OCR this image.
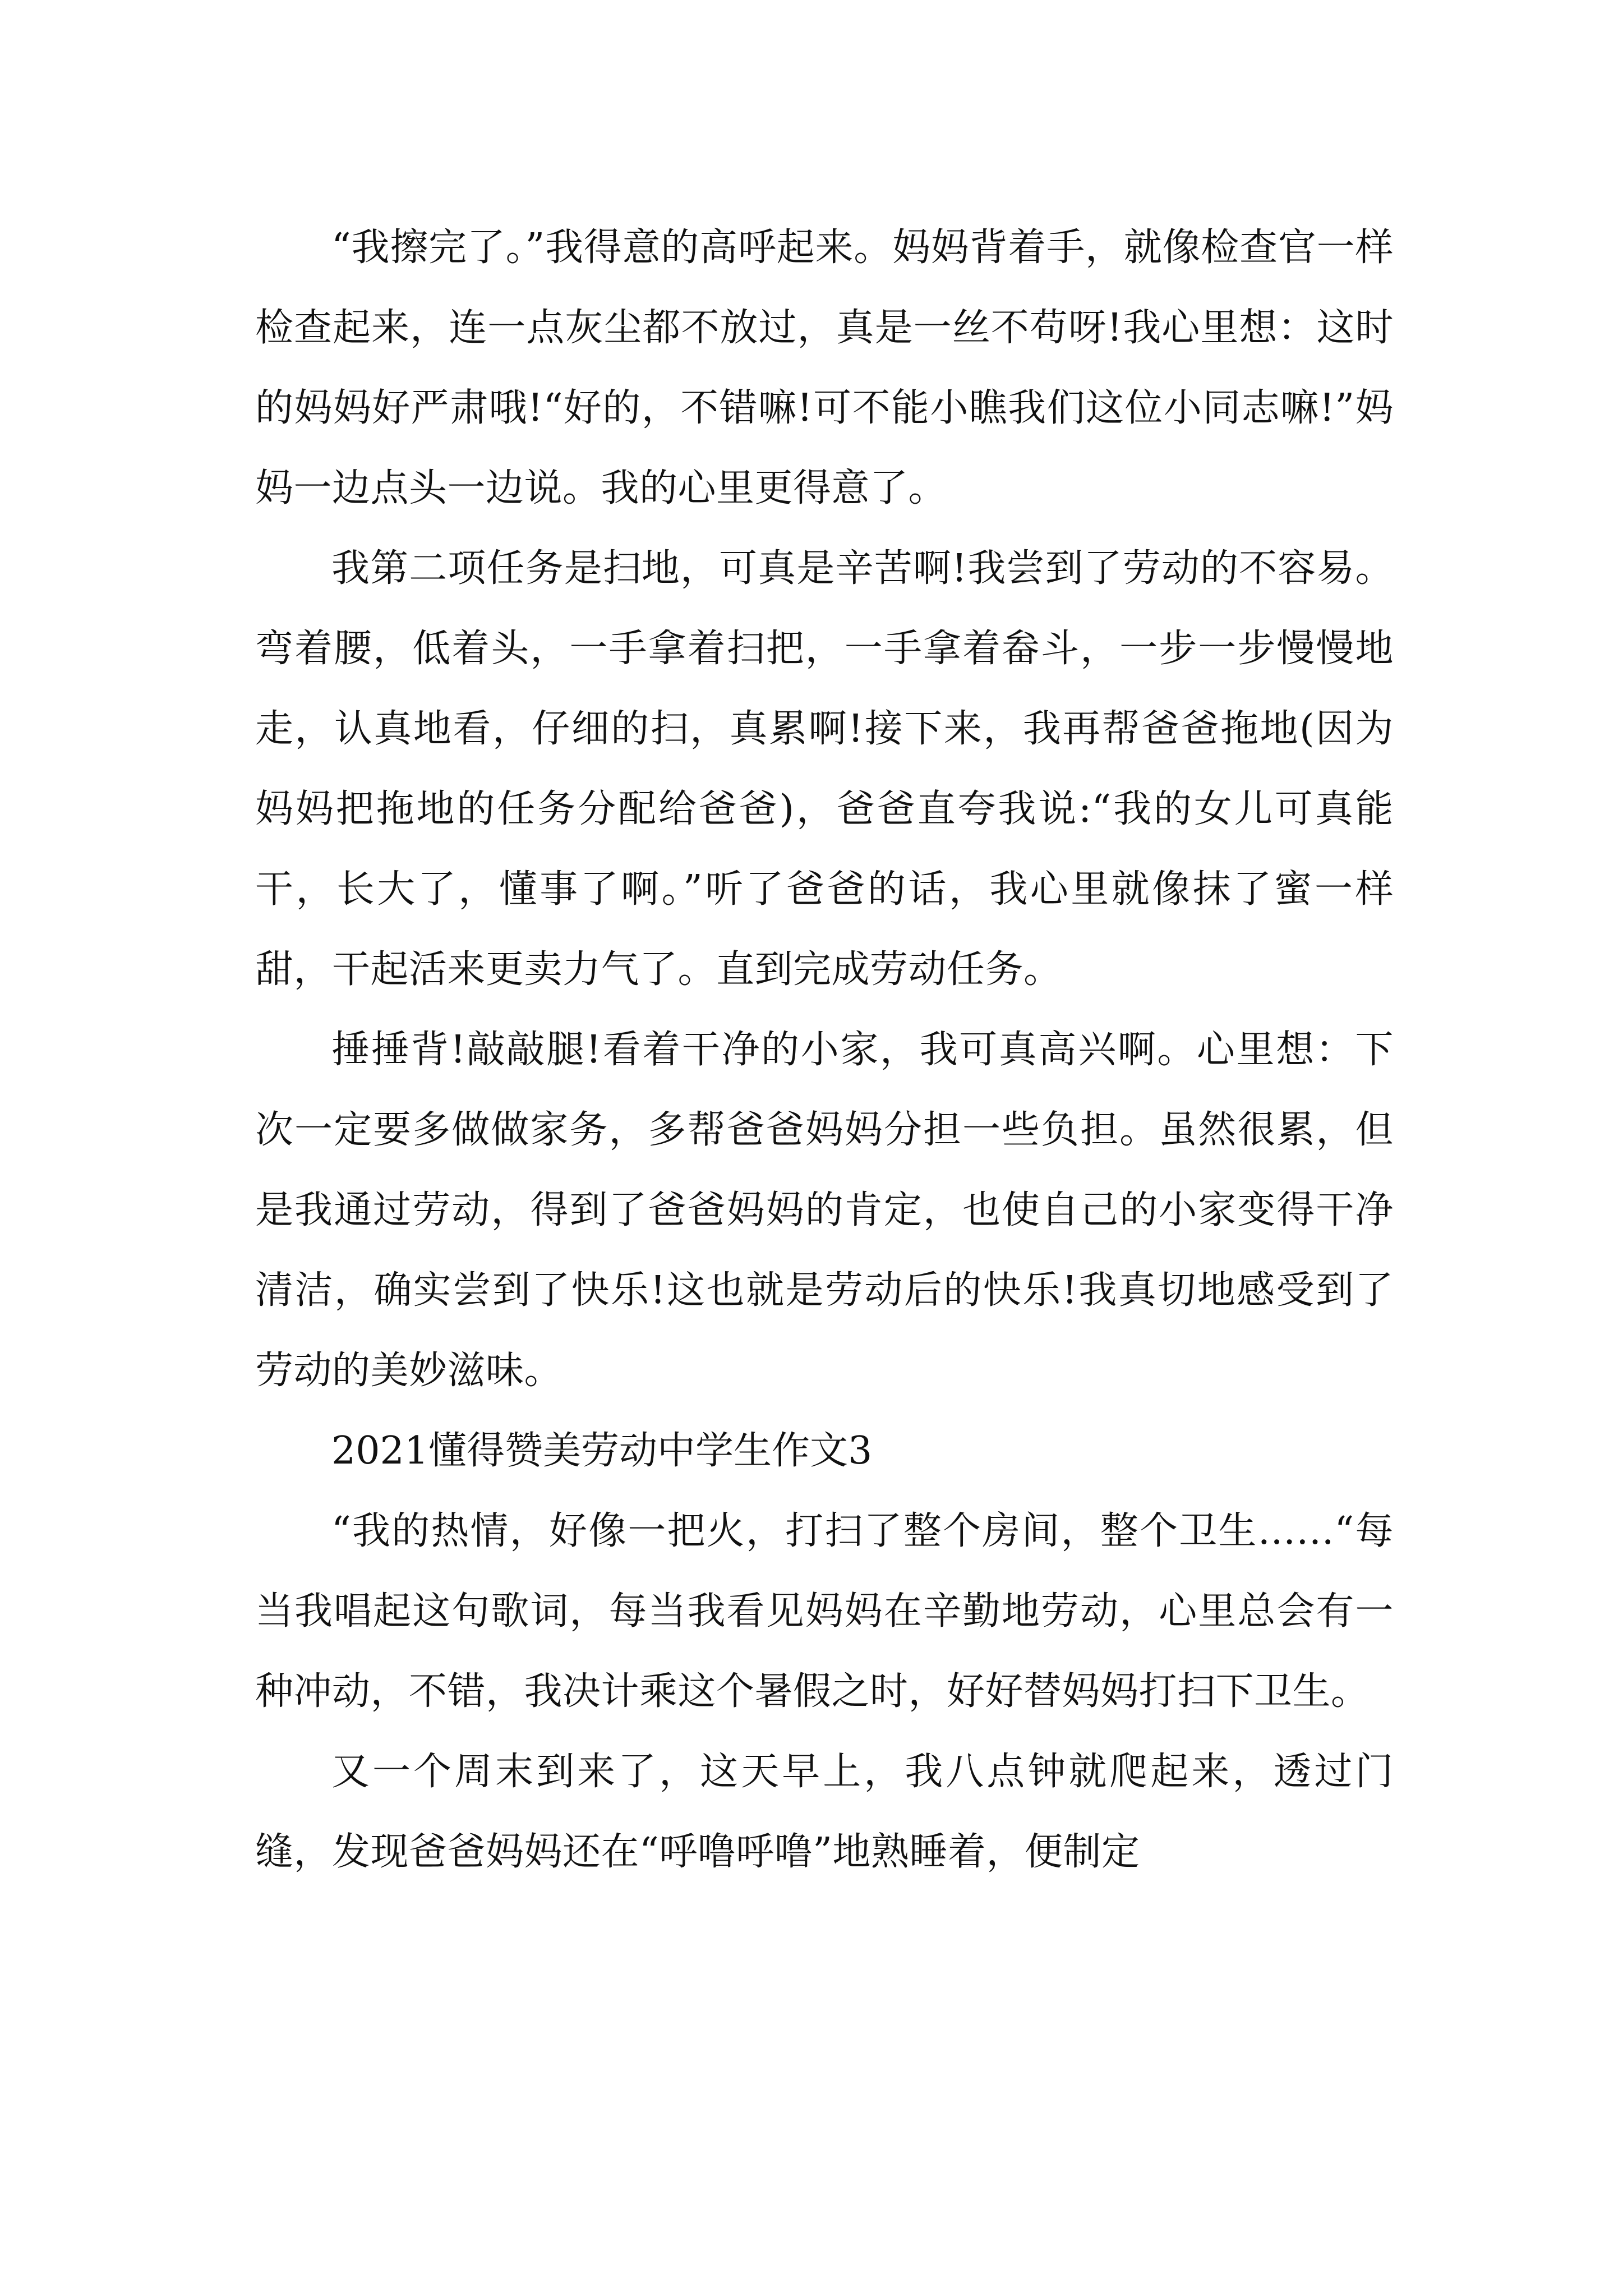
“我擦完了。”我得意的高呼起来。妈妈背着手，就像检查官一样检查起来，连一点灰尘都不放过，真是一丝不苟呀!我心里想：这时的妈妈好严肃哦!“好的，不错嘛!可不能小瞧我们这位小同志嘛!”妈妈一边点头一边说。我的心里更得意了。

我第二项任务是扫地，可真是辛苦啊!我尝到了劳动的不容易。弯着腰，低着头，一手拿着扫把，一手拿着畚斗，一步一步慢慢地走，认真地看，仔细的扫，真累啊!接下来，我再帮爸爸拖地(因为妈妈把拖地的任务分配给爸爸)，爸爸直夸我说:“我的女儿可真能干，长大了，懂事了啊。”听了爸爸的话，我心里就像抹了蜜一样甜，干起活来更卖力气了。直到完成劳动任务。

捶捶背!敲敲腿!看着干净的小家，我可真高兴啊。心里想：下次一定要多做做家务，多帮爸爸妈妈分担一些负担。虽然很累，但是我通过劳动，得到了爸爸妈妈的肯定，也使自己的小家变得干净清洁，确实尝到了快乐!这也就是劳动后的快乐!我真切地感受到了劳动的美妙滋味。

2021懂得赞美劳动中学生作文3

“我的热情，好像一把火，打扫了整个房间，整个卫生……“每当我唱起这句歌词，每当我看见妈妈在辛勤地劳动，心里总会有一种冲动，不错，我决计乘这个暑假之时，好好替妈妈打扫下卫生。

又一个周末到来了，这天早上，我八点钟就爬起来，透过门缝，发现爸爸妈妈还在“呼噜呼噜”地熟睡着，便制定
